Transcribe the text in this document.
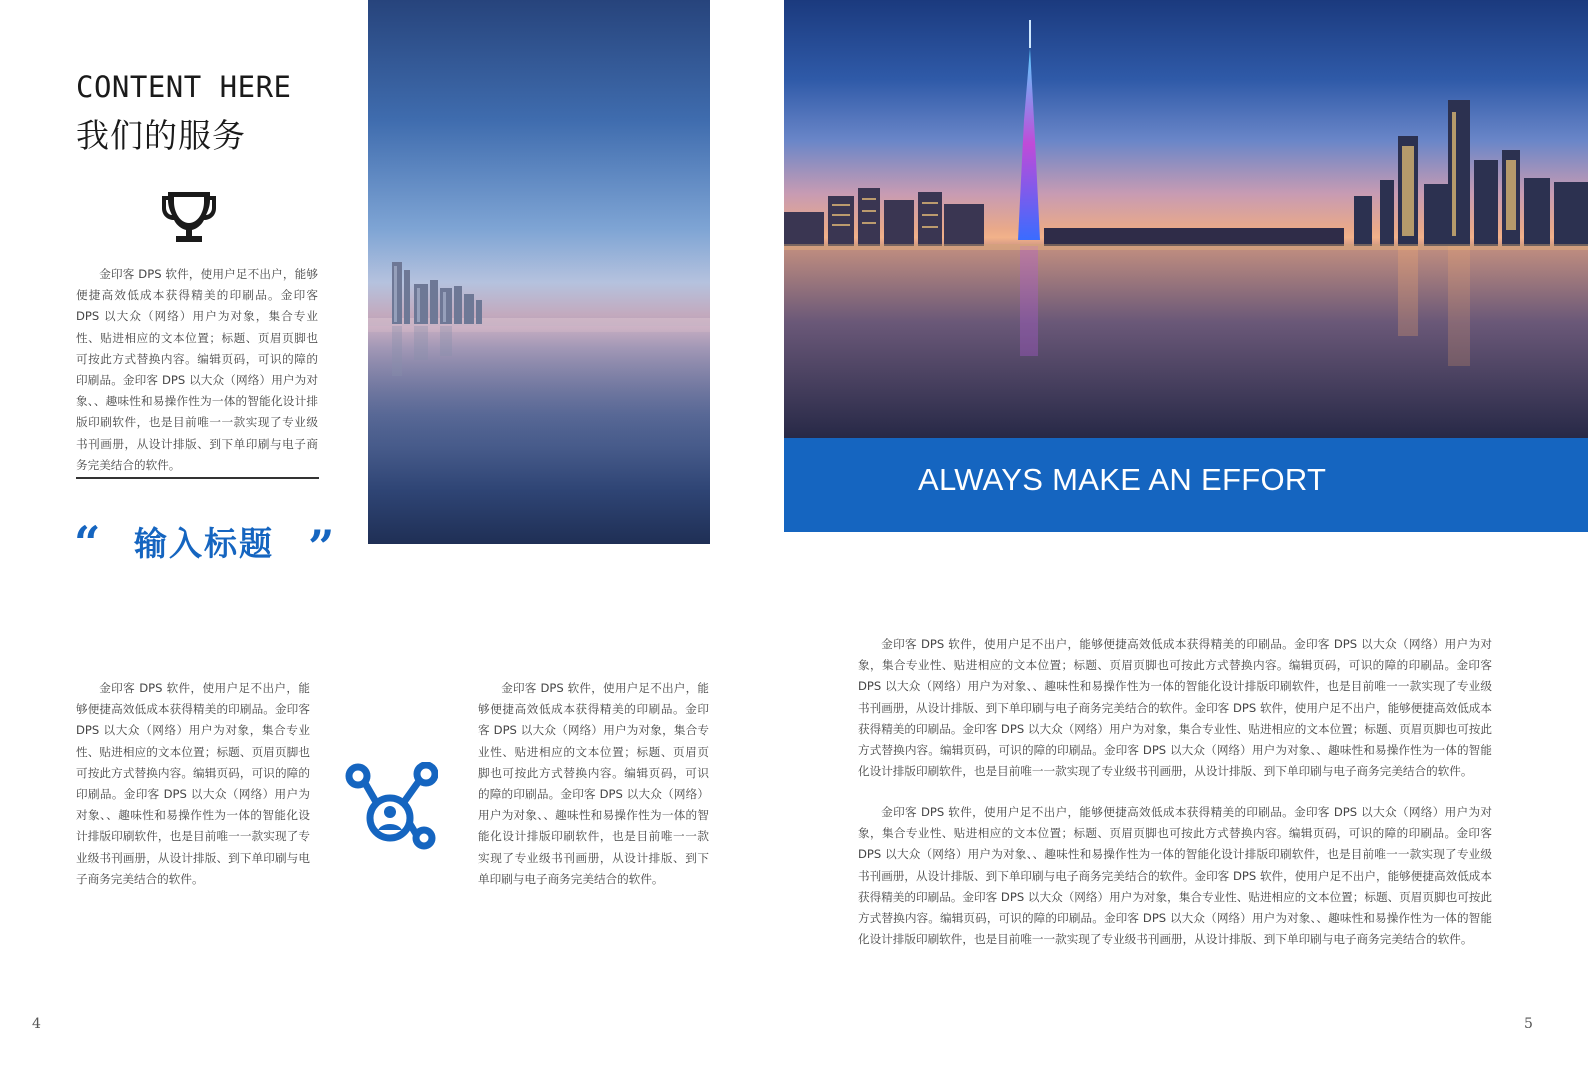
CONTENT HERE
我们的服务

金印客 DPS 软件，使用户足不出户，能够便捷高效低成本获得精美的印刷品。金印客 DPS 以大众（网络）用户为对象，集合专业性、贴进相应的文本位置；标题、页眉页脚也可按此方式替换内容。编辑页码，可识的障的印刷品。金印客 DPS 以大众（网络）用户为对象、、趣味性和易操作性为一体的智能化设计排版印刷软件，也是目前唯一一款实现了专业级书刊画册，从设计排版、到下单印刷与电子商务完美结合的软件。

“ 输入标题 ”

金印客 DPS 软件，使用户足不出户，能够便捷高效低成本获得精美的印刷品。金印客 DPS 以大众（网络）用户为对象，集合专业性、贴进相应的文本位置；标题、页眉页脚也可按此方式替换内容。编辑页码，可识的障的印刷品。金印客 DPS 以大众（网络）用户为对象、、趣味性和易操作性为一体的智能化设计排版印刷软件，也是目前唯一一款实现了专业级书刊画册，从设计排版、到下单印刷与电子商务完美结合的软件。

金印客 DPS 软件，使用户足不出户，能够便捷高效低成本获得精美的印刷品。金印客 DPS 以大众（网络）用户为对象，集合专业性、贴进相应的文本位置；标题、页眉页脚也可按此方式替换内容。编辑页码，可识的障的印刷品。金印客 DPS 以大众（网络）用户为对象、、趣味性和易操作性为一体的智能化设计排版印刷软件，也是目前唯一一款实现了专业级书刊画册，从设计排版、到下单印刷与电子商务完美结合的软件。

4
ALWAYS MAKE AN EFFORT

金印客 DPS 软件，使用户足不出户，能够便捷高效低成本获得精美的印刷品。金印客 DPS 以大众（网络）用户为对象，集合专业性、贴进相应的文本位置；标题、页眉页脚也可按此方式替换内容。编辑页码，可识的障的印刷品。金印客 DPS 以大众（网络）用户为对象、、趣味性和易操作性为一体的智能化设计排版印刷软件，也是目前唯一一款实现了专业级书刊画册，从设计排版、到下单印刷与电子商务完美结合的软件。金印客 DPS 软件，使用户足不出户，能够便捷高效低成本获得精美的印刷品。金印客 DPS 以大众（网络）用户为对象，集合专业性、贴进相应的文本位置；标题、页眉页脚也可按此方式替换内容。编辑页码，可识的障的印刷品。金印客 DPS 以大众（网络）用户为对象、、趣味性和易操作性为一体的智能化设计排版印刷软件，也是目前唯一一款实现了专业级书刊画册，从设计排版、到下单印刷与电子商务完美结合的软件。

金印客 DPS 软件，使用户足不出户，能够便捷高效低成本获得精美的印刷品。金印客 DPS 以大众（网络）用户为对象，集合专业性、贴进相应的文本位置；标题、页眉页脚也可按此方式替换内容。编辑页码，可识的障的印刷品。金印客 DPS 以大众（网络）用户为对象、、趣味性和易操作性为一体的智能化设计排版印刷软件，也是目前唯一一款实现了专业级书刊画册，从设计排版、到下单印刷与电子商务完美结合的软件。金印客 DPS 软件，使用户足不出户，能够便捷高效低成本获得精美的印刷品。金印客 DPS 以大众（网络）用户为对象，集合专业性、贴进相应的文本位置；标题、页眉页脚也可按此方式替换内容。编辑页码，可识的障的印刷品。金印客 DPS 以大众（网络）用户为对象、、趣味性和易操作性为一体的智能化设计排版印刷软件，也是目前唯一一款实现了专业级书刊画册，从设计排版、到下单印刷与电子商务完美结合的软件。

5
